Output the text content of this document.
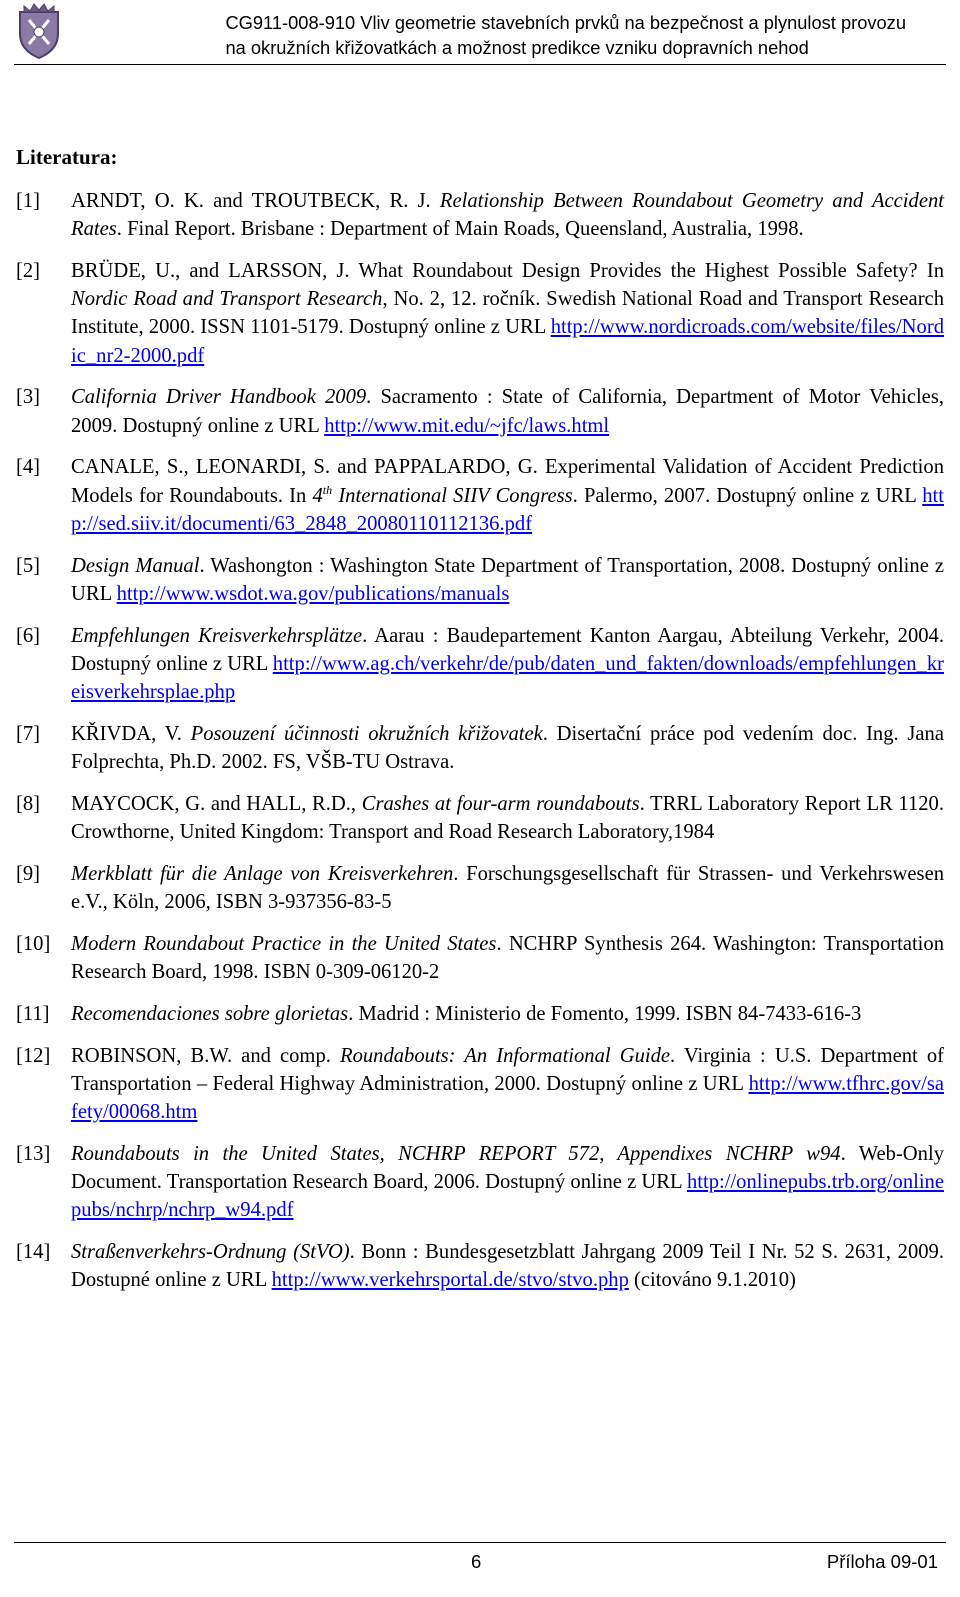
CG911-008-910 Vliv geometrie stavebních prvků na bezpečnost a plynulost provozu
na okružních křižovatkách a možnost predikce vzniku dopravních nehod
Literatura:
[1]	ARNDT, O. K. and TROUTBECK, R. J. Relationship Between Roundabout Geometry and Accident Rates. Final Report. Brisbane : Department of Main Roads, Queensland, Australia, 1998.
[2]	BRÜDE, U., and LARSSON, J. What Roundabout Design Provides the Highest Possible Safety? In Nordic Road and Transport Research, No. 2, 12. ročník. Swedish National Road and Transport Research Institute, 2000. ISSN 1101-5179. Dostupný online z URL http://www.nordicroads.com/website/files/Nordic_nr2-2000.pdf
[3]	California Driver Handbook 2009. Sacramento : State of California, Department of Motor Vehicles, 2009. Dostupný online z URL http://www.mit.edu/~jfc/laws.html
[4]	CANALE, S., LEONARDI, S. and PAPPALARDO, G. Experimental Validation of Accident Prediction Models for Roundabouts. In 4th International SIIV Congress. Palermo, 2007. Dostupný online z URL http://sed.siiv.it/documenti/63_2848_20080110112136.pdf
[5]	Design Manual. Washongton : Washington State Department of Transportation, 2008. Dostupný online z URL http://www.wsdot.wa.gov/publications/manuals
[6]	Empfehlungen Kreisverkehrsplätze. Aarau : Baudepartement Kanton Aargau, Abteilung Verkehr, 2004. Dostupný online z URL http://www.ag.ch/verkehr/de/pub/daten_und_fakten/downloads/empfehlungen_kreisverkehrsplae.php
[7]	KŘIVDA, V. Posouzení účinnosti okružních křižovatek. Disertační práce pod vedením doc. Ing. Jana Folprechta, Ph.D. 2002. FS, VŠB-TU Ostrava.
[8]	MAYCOCK, G. and HALL, R.D., Crashes at four-arm roundabouts. TRRL Laboratory Report LR 1120. Crowthorne, United Kingdom: Transport and Road Research Laboratory,1984
[9]	Merkblatt für die Anlage von Kreisverkehren. Forschungsgesellschaft für Strassen- und Verkehrswesen e.V., Köln, 2006, ISBN 3-937356-83-5
[10]	Modern Roundabout Practice in the United States. NCHRP Synthesis 264. Washington: Transportation Research Board, 1998. ISBN 0-309-06120-2
[11]	Recomendaciones sobre glorietas. Madrid : Ministerio de Fomento, 1999. ISBN 84-7433-616-3
[12]	ROBINSON, B.W. and comp. Roundabouts: An Informational Guide. Virginia : U.S. Department of Transportation – Federal Highway Administration, 2000. Dostupný online z URL http://www.tfhrc.gov/safety/00068.htm
[13]	Roundabouts in the United States, NCHRP REPORT 572, Appendixes NCHRP w94. Web-Only Document. Transportation Research Board, 2006. Dostupný online z URL http://onlinepubs.trb.org/onlinepubs/nchrp/nchrp_w94.pdf
[14]	Straßenverkehrs-Ordnung (StVO). Bonn : Bundesgesetzblatt Jahrgang 2009 Teil I Nr. 52 S. 2631, 2009. Dostupné online z URL http://www.verkehrsportal.de/stvo/stvo.php (citováno 9.1.2010)
6	Příloha 09-01
